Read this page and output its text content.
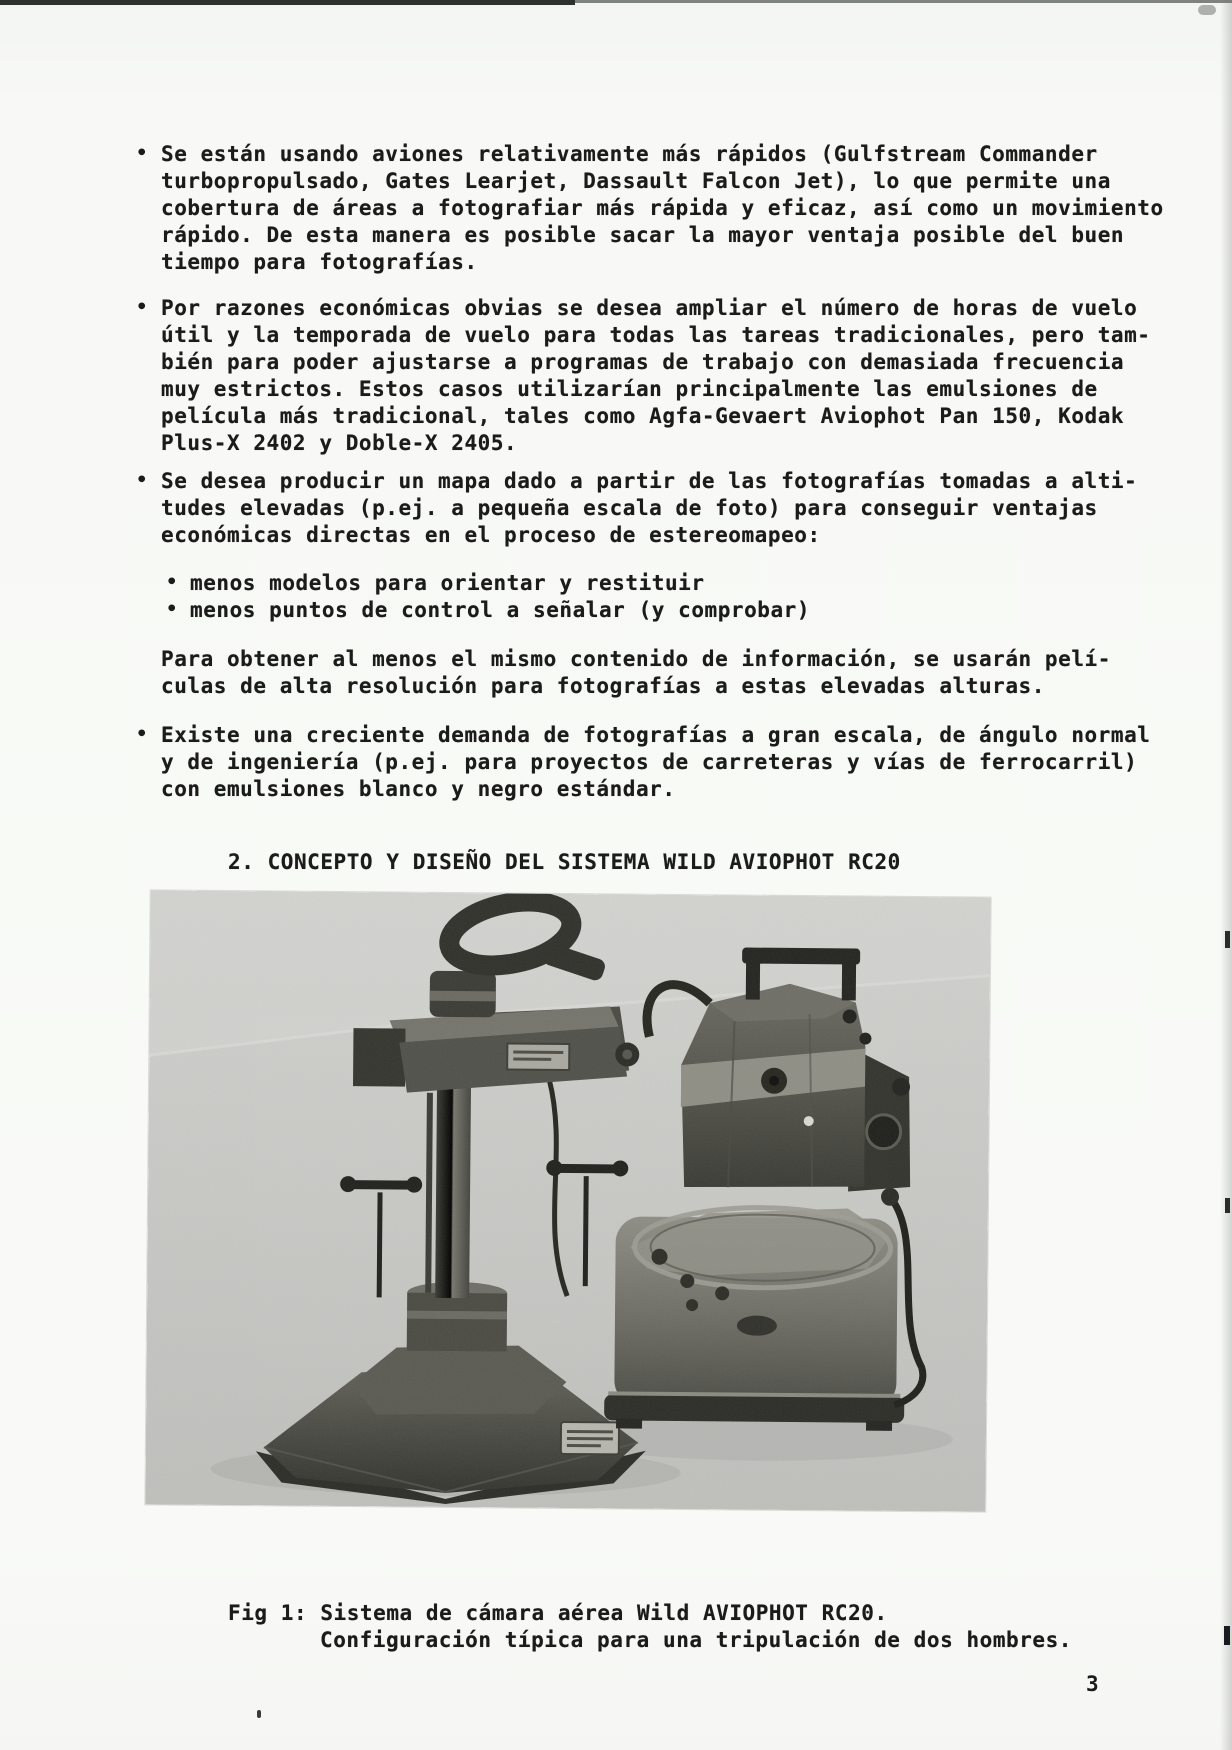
• Se están usando aviones relativamente más rápidos (Gulfstream Commander
turbopropulsado, Gates Learjet, Dassault Falcon Jet), lo que permite una
cobertura de áreas a fotografiar más rápida y eficaz, así como un movimiento
rápido. De esta manera es posible sacar la mayor ventaja posible del buen
tiempo para fotografías.
• Por razones económicas obvias se desea ampliar el número de horas de vuelo
útil y la temporada de vuelo para todas las tareas tradicionales, pero tam-
bién para poder ajustarse a programas de trabajo con demasiada frecuencia
muy estrictos. Estos casos utilizarían principalmente las emulsiones de
película más tradicional, tales como Agfa-Gevaert Aviophot Pan 150, Kodak
Plus-X 2402 y Doble-X 2405.
• Se desea producir un mapa dado a partir de las fotografías tomadas a alti-
tudes elevadas (p.ej. a pequeña escala de foto) para conseguir ventajas
económicas directas en el proceso de estereomapeo:
• menos modelos para orientar y restituir
• menos puntos de control a señalar (y comprobar)
Para obtener al menos el mismo contenido de información, se usarán pelí-
culas de alta resolución para fotografías a estas elevadas alturas.
• Existe una creciente demanda de fotografías a gran escala, de ángulo normal
y de ingeniería (p.ej. para proyectos de carreteras y vías de ferrocarril)
con emulsiones blanco y negro estándar.
2. CONCEPTO Y DISEÑO DEL SISTEMA WILD AVIOPHOT RC20
Fig 1: Sistema de cámara aérea Wild AVIOPHOT RC20.
Configuración típica para una tripulación de dos hombres.
3
